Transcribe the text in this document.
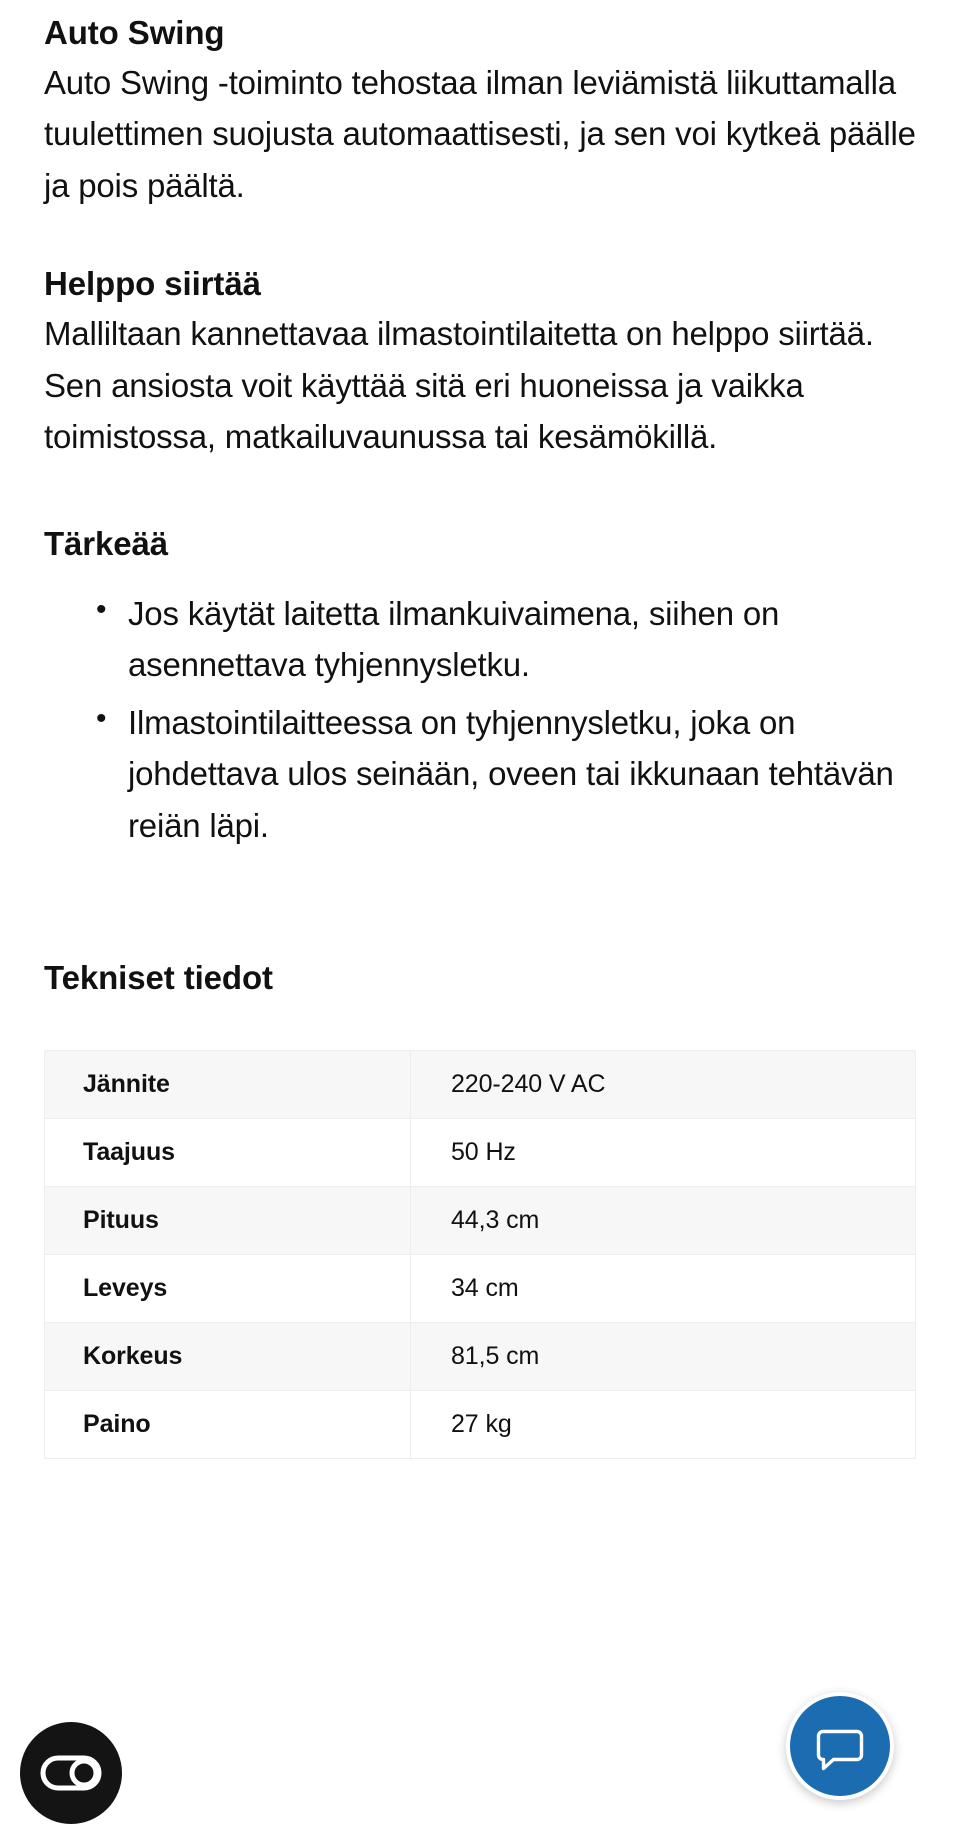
Auto Swing

Auto Swing -toiminto tehostaa ilman leviämistä liikuttamalla tuulettimen suojusta automaattisesti, ja sen voi kytkeä päälle ja pois päältä.

Helppo siirtää

Malliltaan kannettavaa ilmastointilaitetta on helppo siirtää. Sen ansiosta voit käyttää sitä eri huoneissa ja vaikka toimistossa, matkailuvaunussa tai kesämökillä.

Tärkeää
• Jos käytät laitetta ilmankuivaimena, siihen on asennettava tyhjennysletku.
• Ilmastointilaitteessa on tyhjennysletku, joka on johdettava ulos seinään, oveen tai ikkunaan tehtävän reiän läpi.
Tekniset tiedot
Jännite	220-240 V AC
Taajuus	50 Hz
Pituus	44,3 cm
Leveys	34 cm
Korkeus	81,5 cm
Paino	27 kg
